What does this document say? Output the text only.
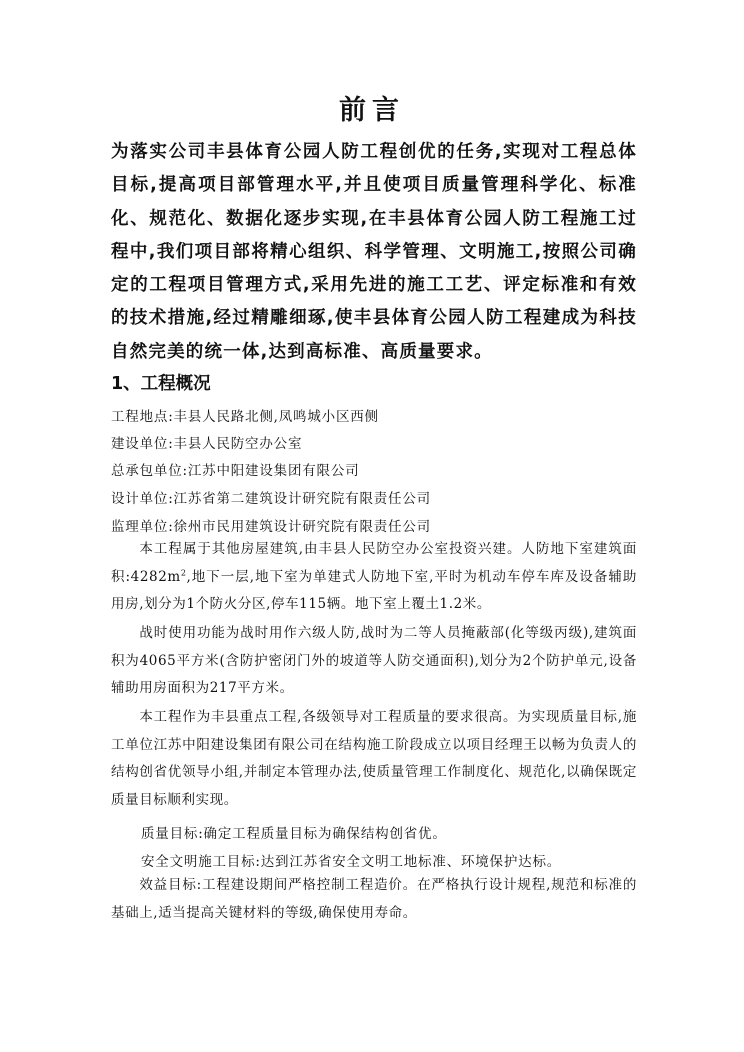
前言
为落实公司丰县体育公园人防工程创优的任务,实现对工程总体目标,提高项目部管理水平,并且使项目质量管理科学化、标准化、规范化、数据化逐步实现,在丰县体育公园人防工程施工过程中,我们项目部将精心组织、科学管理、文明施工,按照公司确定的工程项目管理方式,采用先进的施工工艺、评定标准和有效的技术措施,经过精雕细琢,使丰县体育公园人防工程建成为科技自然完美的统一体,达到高标准、高质量要求。
1、工程概况
工程地点:丰县人民路北侧,凤鸣城小区西侧
建设单位:丰县人民防空办公室
总承包单位:江苏中阳建设集团有限公司
设计单位:江苏省第二建筑设计研究院有限责任公司
监理单位:徐州市民用建筑设计研究院有限责任公司
本工程属于其他房屋建筑,由丰县人民防空办公室投资兴建。人防地下室建筑面积$:4282m^2$,地下一层,地下室为单建式人防地下室,平时为机动车停车库及设备辅助用房,划分为1个防火分区,停车115辆。地下室上覆土1.2米。
战时使用功能为战时用作六级人防,战时为二等人员掩蔽部(化等级丙级),建筑面积为4065平方米(含防护密闭门外的坡道等人防交通面积),划分为2个防护单元,设备辅助用房面积为217平方米。
本工程作为丰县重点工程,各级领导对工程质量的要求很高。为实现质量目标,施工单位江苏中阳建设集团有限公司在结构施工阶段成立以项目经理王以畅为负责人的结构创省优领导小组,并制定本管理办法,使质量管理工作制度化、规范化,以确保既定质量目标顺利实现。
质量目标:确定工程质量目标为确保结构创省优。
安全文明施工目标:达到江苏省安全文明工地标准、环境保护达标。
效益目标:工程建设期间严格控制工程造价。在严格执行设计规程,规范和标准的基础上,适当提高关键材料的等级,确保使用寿命。
